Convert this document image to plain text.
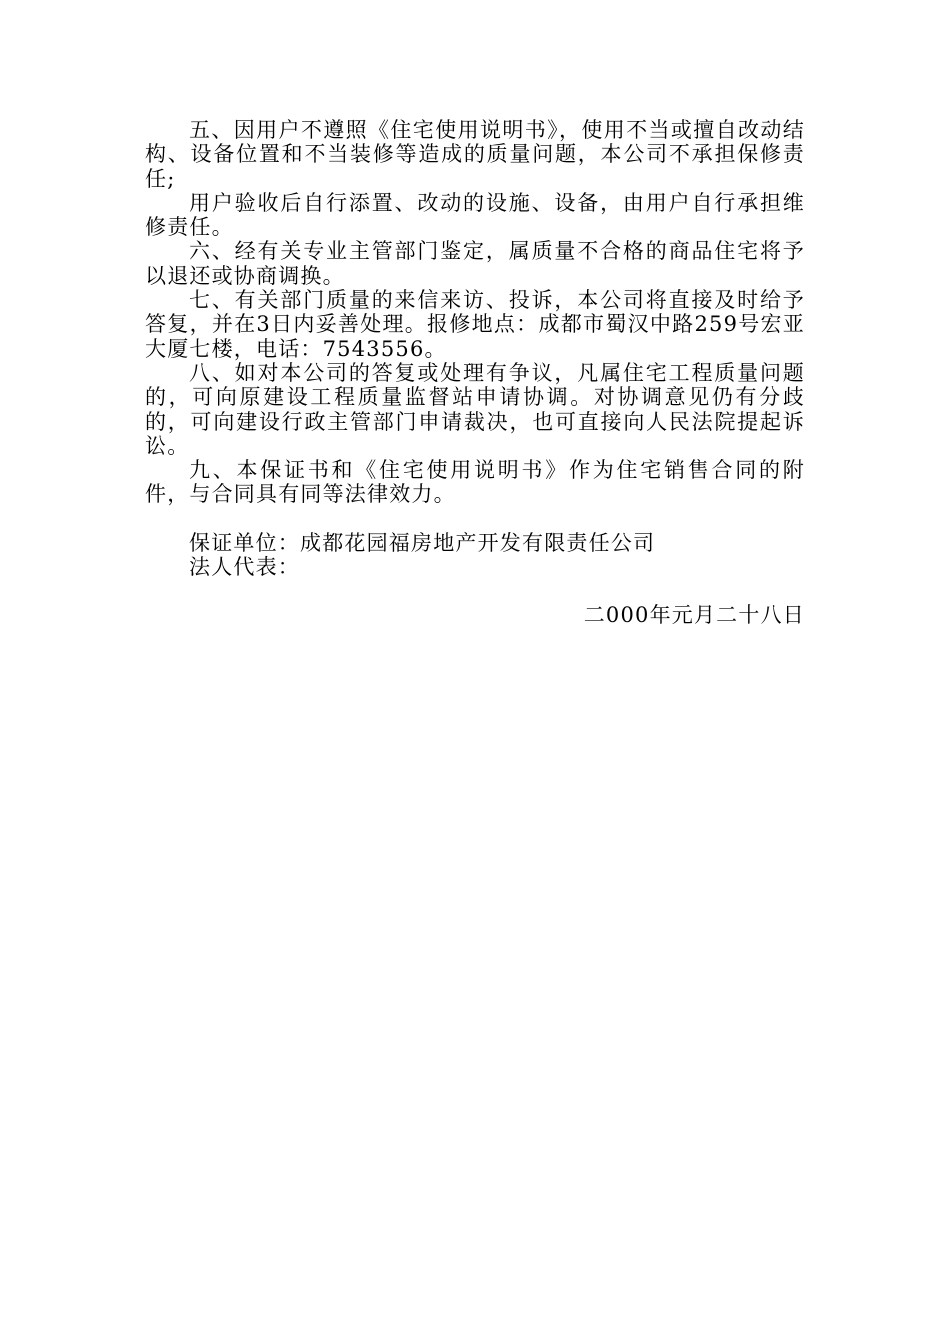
五、因用户不遵照《住宅使用说明书》，使用不当或擅自改动结构、设备位置和不当装修等造成的质量问题，本公司不承担保修责任;

用户验收后自行添置、改动的设施、设备，由用户自行承担维修责任。

六、经有关专业主管部门鉴定，属质量不合格的商品住宅将予以退还或协商调换。

七、有关部门质量的来信来访、投诉，本公司将直接及时给予答复，并在3日内妥善处理。报修地点：成都市蜀汉中路259号宏亚大厦七楼，电话：7543556。

八、如对本公司的答复或处理有争议，凡属住宅工程质量问题的，可向原建设工程质量监督站申请协调。对协调意见仍有分歧的，可向建设行政主管部门申请裁决，也可直接向人民法院提起诉讼。

九、本保证书和《住宅使用说明书》作为住宅销售合同的附件，与合同具有同等法律效力。

保证单位：成都花园福房地产开发有限责任公司

法人代表：

二000年元月二十八日
